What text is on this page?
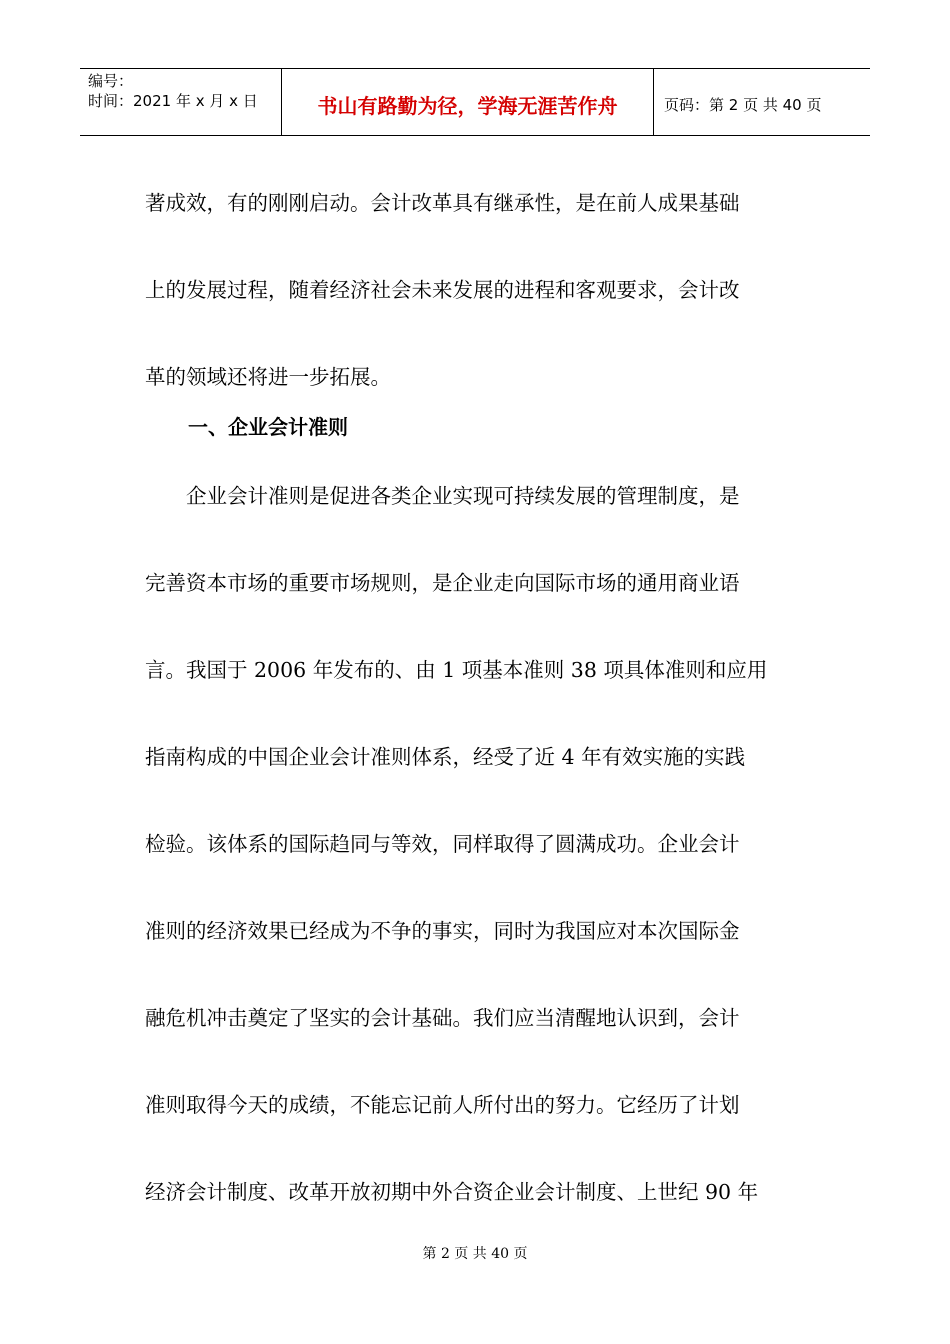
编号：
时间：2021 年 x 月 x 日	书山有路勤为径，学海无涯苦作舟	页码：第 2 页 共 40 页

著成效，有的刚刚启动。会计改革具有继承性，是在前人成果基础

上的发展过程，随着经济社会未来发展的进程和客观要求，会计改

革的领域还将进一步拓展。

　　企业会计准则是促进各类企业实现可持续发展的管理制度，是

完善资本市场的重要市场规则，是企业走向国际市场的通用商业语

言。我国于 2006 年发布的、由 1 项基本准则 38 项具体准则和应用

指南构成的中国企业会计准则体系，经受了近 4 年有效实施的实践

检验。该体系的国际趋同与等效，同样取得了圆满成功。企业会计

准则的经济效果已经成为不争的事实，同时为我国应对本次国际金

融危机冲击奠定了坚实的会计基础。我们应当清醒地认识到，会计

准则取得今天的成绩，不能忘记前人所付出的努力。它经历了计划

经济会计制度、改革开放初期中外合资企业会计制度、上世纪 90 年

一、企业会计准则
第 2 页 共 40 页
